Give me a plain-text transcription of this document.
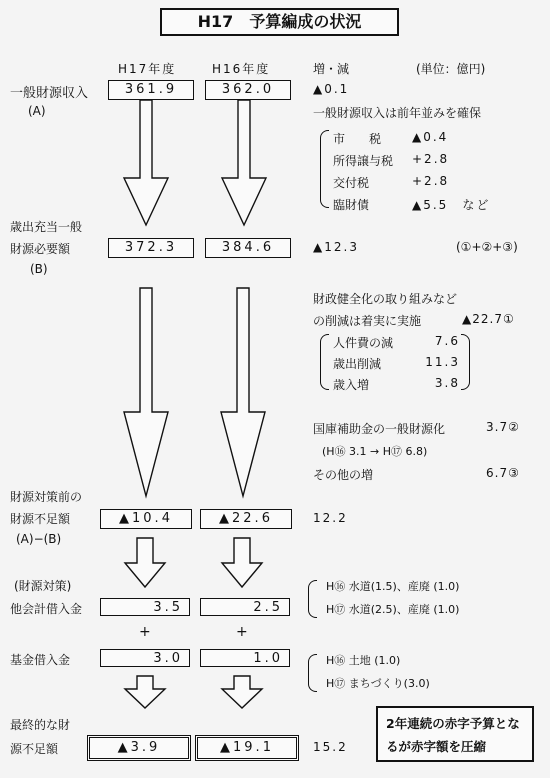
H17　予算編成の状況
H17年度	H16年度	増・減	(単位：億円)
一般財源収入
(A)
361.9	362.0	▲0.1
一般財源収入は前年並みを確保
市　　税	▲0.4
所得譲与税 +2.8
交付税	+2.8
臨財債	▲5.5　など
歳出充当一般
財源必要額
(B)
372.3	384.6	▲12.3	(①+②+③)
財政健全化の取り組みなど
の削減は着実に実施	▲22.7①
人件費の減	7.6
歳出削減	11.3
歳入増	3.8
国庫補助金の一般財源化	3.7②
(H⑯ 3.1 → H⑰ 6.8)
その他の増	6.7③
財源対策前の
財源不足額
(A)−(B)
▲10.4	▲22.6	12.2
(財源対策)
他会計借入金	3.5	2.5
H⑯ 水道(1.5)、産廃 (1.0)
H⑰ 水道(2.5)、産廃 (1.0)
+	+
基金借入金	3.0	1.0	H⑯ 土地 (1.0)
H⑰ まちづくり(3.0)
最終的な財
源不足額	▲3.9	▲19.1	15.2
2年連続の赤字予算となるが赤字額を圧縮
